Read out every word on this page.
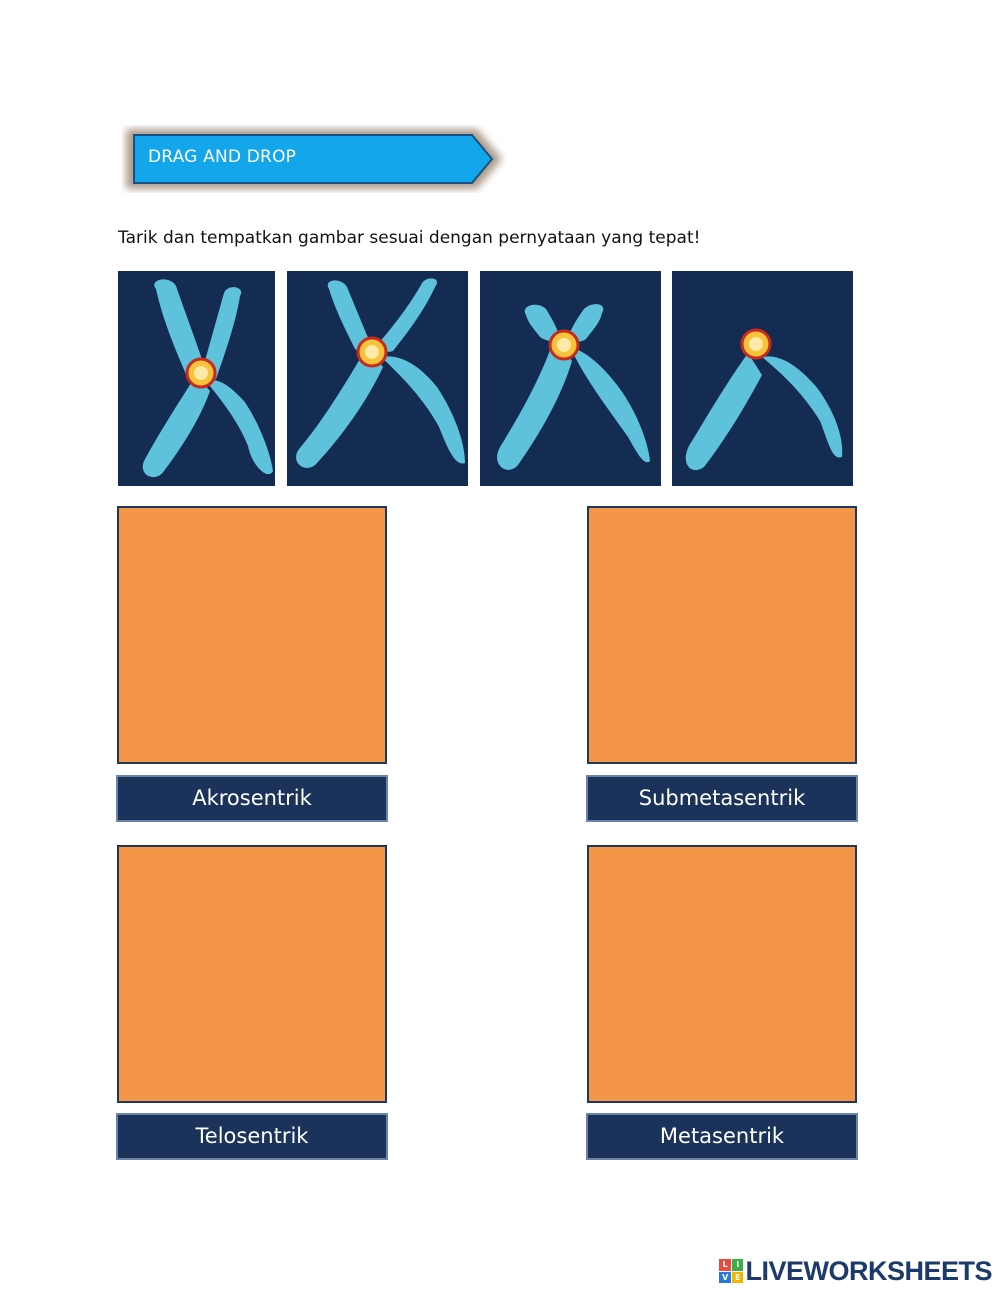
DRAG AND DROP
Tarik dan tempatkan gambar sesuai dengan pernyataan yang tepat!
Akrosentrik	Submetasentrik
Telosentrik	Metasentrik
L	I
V E LIVEWORKSHEETS
